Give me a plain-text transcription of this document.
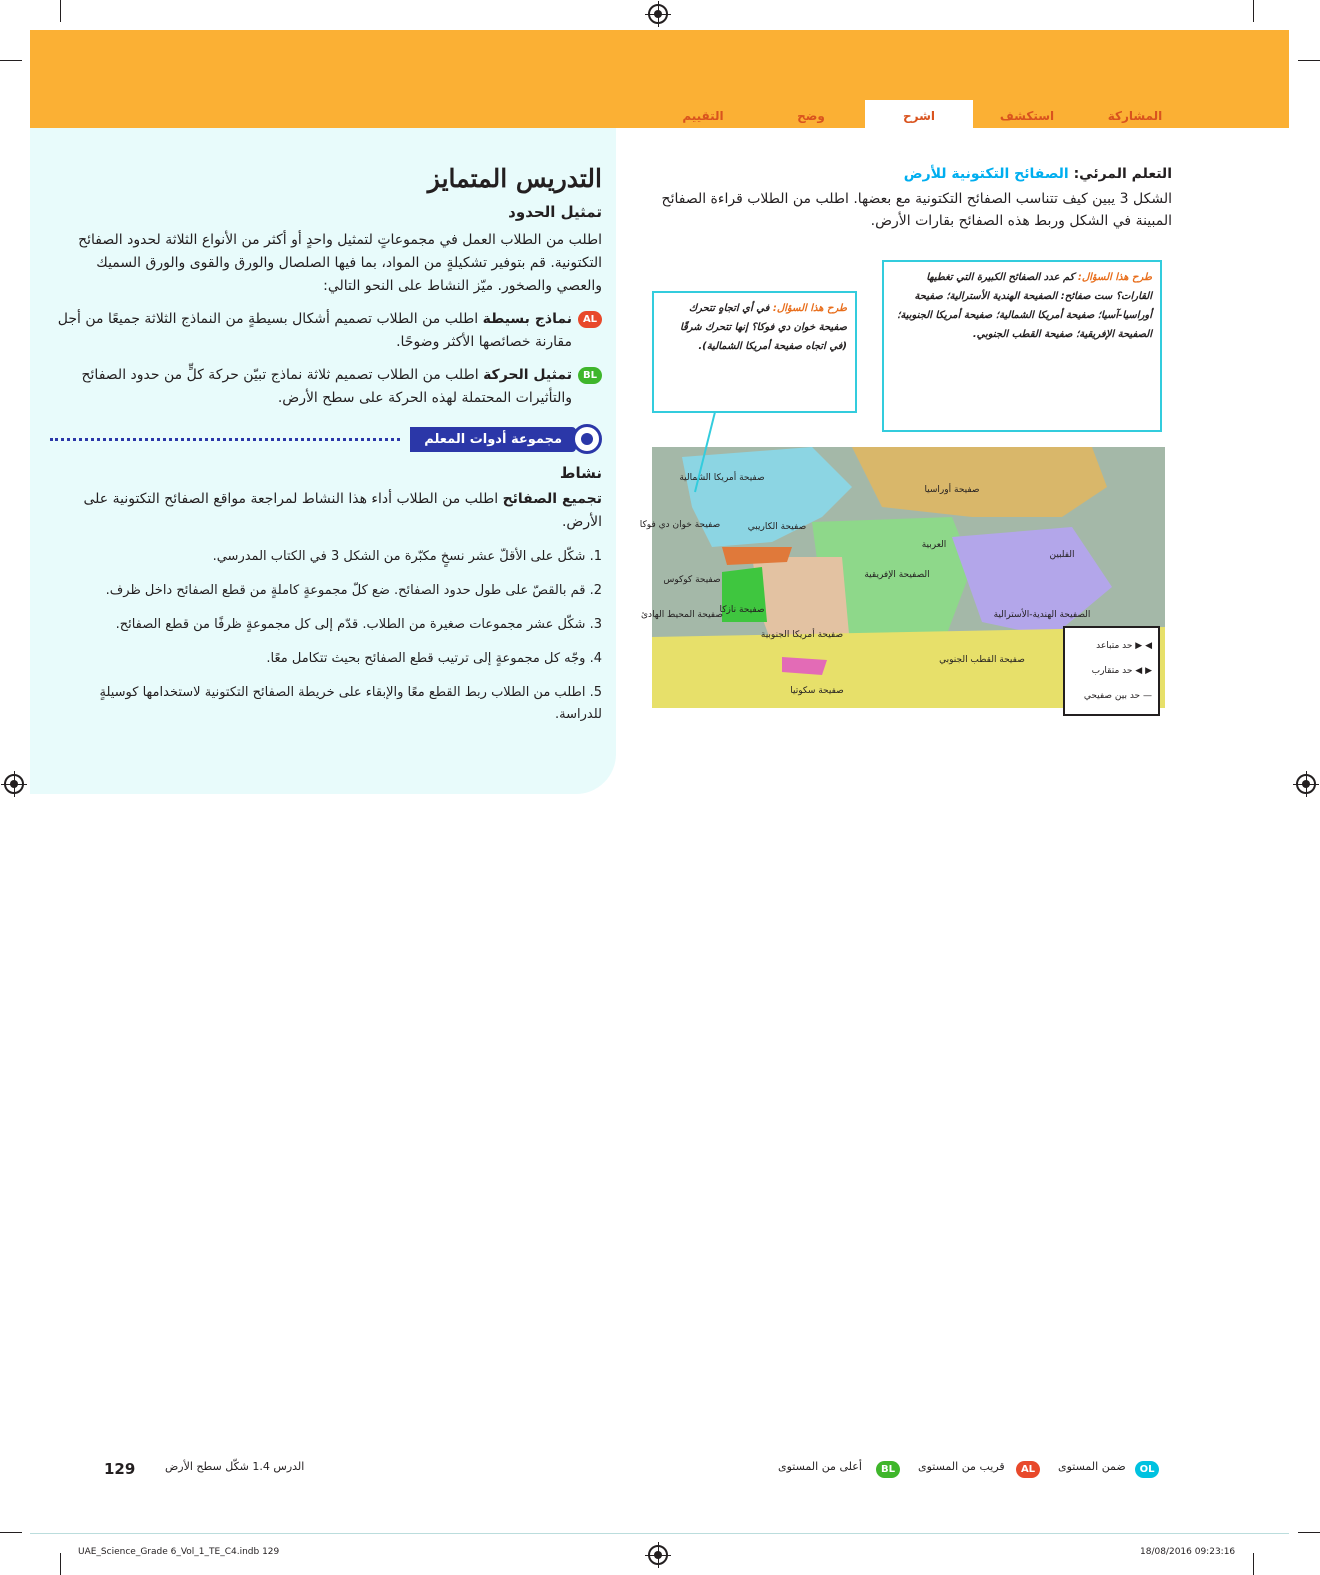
المشاركة
استكشف
اشرح
وضح
التقييم
التدريس المتمايز
تمثيل الحدود

اطلب من الطلاب العمل في مجموعاتٍ لتمثيل واحدٍ أو أكثر من الأنواع الثلاثة لحدود الصفائح التكتونية. قم بتوفير تشكيلةٍ من المواد، بما فيها الصلصال والورق والقوى والورق السميك والعصي والصخور. ميّز النشاط على النحو التالي:

AL

نماذج بسيطة اطلب من الطلاب تصميم أشكال بسيطةٍ من النماذج الثلاثة جميعًا من أجل مقارنة خصائصها الأكثر وضوحًا.

BL

تمثيل الحركة اطلب من الطلاب تصميم ثلاثة نماذج تبيّن حركة كلٍّ من حدود الصفائح والتأثيرات المحتملة لهذه الحركة على سطح الأرض.

مجموعة أدوات المعلم
نشاط

تجميع الصفائح اطلب من الطلاب أداء هذا النشاط لمراجعة مواقع الصفائح التكتونية على الأرض.

1. شكّل على الأقلّ عشر نسخٍ مكبّرة من الشكل 3 في الكتاب المدرسي.
2. قم بالقصّ على طول حدود الصفائح. ضع كلّ مجموعةٍ كاملةٍ من قطع الصفائح داخل ظرف.
3. شكّل عشر مجموعات صغيرة من الطلاب. قدّم إلى كل مجموعةٍ ظرفًا من قطع الصفائح.
4. وجّه كل مجموعةٍ إلى ترتيب قطع الصفائح بحيث تتكامل معًا.
5. اطلب من الطلاب ربط القطع معًا والإبقاء على خريطة الصفائح التكتونية لاستخدامها كوسيلةٍ للدراسة.
التعلم المرئي: الصفائح التكتونية للأرض

الشكل 3 يبين كيف تتناسب الصفائح التكتونية مع بعضها. اطلب من الطلاب قراءة الصفائح المبينة في الشكل وربط هذه الصفائح بقارات الأرض.

طرح هذا السؤال: في أي اتجاهٍ تتحرك صفيحة خوان دي فوكا؟ إنها تتحرك شرقًا (في اتجاه صفيحة أمريكا الشمالية).
طرح هذا السؤال: كم عدد الصفائح الكبيرة التي تغطيها القارات؟ ست صفائح: الصفيحة الهندية الأسترالية؛ صفيحة أوراسيا-آسيا؛ صفيحة أمريكا الشمالية؛ صفيحة أمريكا الجنوبية؛ الصفيحة الإفريقية؛ صفيحة القطب الجنوبي.
صفيحة أمريكا الشمالية
صفيحة أوراسيا
صفيحة المحيط الهادئ
صفيحة كوكوس
صفيحة نازكا
صفيحة أمريكا الجنوبية
الصفيحة الإفريقية
الصفيحة الهندية-الأسترالية
صفيحة القطب الجنوبي
صفيحة سكوتيا
صفيحة الكاريبي
العربية
الفلبين
صفيحة خوان دي فوكا
◀ ▶ حد متباعد
▶ ◀ حد متقارب
— حد بين صفيحي
129	الدرس 1.4 شكّل سطح الأرض	OL
ضمن المستوى
AL
قريب من المستوى
BL
أعلى من المستوى
UAE_Science_Grade 6_Vol_1_TE_C4.indb 129	18/08/2016 09:23:16
